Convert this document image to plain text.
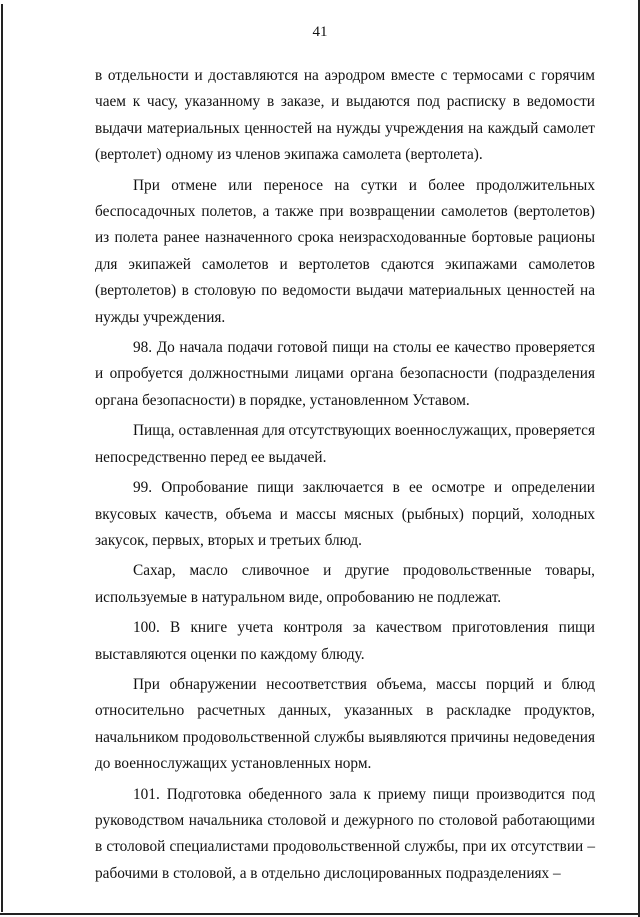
41

в отдельности и доставляются на аэродром вместе с термосами с горячим чаем к часу, указанному в заказе, и выдаются под расписку в ведомости выдачи материальных ценностей на нужды учреждения на каждый самолет (вертолет) одному из членов экипажа самолета (вертолета).

При отмене или переносе на сутки и более продолжительных беспосадочных полетов, а также при возвращении самолетов (вертолетов) из полета ранее назначенного срока неизрасходованные бортовые рационы для экипажей самолетов и вертолетов сдаются экипажами самолетов (вертолетов) в столовую по ведомости выдачи материальных ценностей на нужды учреждения.

98. До начала подачи готовой пищи на столы ее качество проверяется и опробуется должностными лицами органа безопасности (подразделения органа безопасности) в порядке, установленном Уставом.

Пища, оставленная для отсутствующих военнослужащих, проверяется непосредственно перед ее выдачей.

99. Опробование пищи заключается в ее осмотре и определении вкусовых качеств, объема и массы мясных (рыбных) порций, холодных закусок, первых, вторых и третьих блюд.

Сахар, масло сливочное и другие продовольственные товары, используемые в натуральном виде, опробованию не подлежат.

100. В книге учета контроля за качеством приготовления пищи выставляются оценки по каждому блюду.

При обнаружении несоответствия объема, массы порций и блюд относительно расчетных данных, указанных в раскладке продуктов, начальником продовольственной службы выявляются причины недоведения до военнослужащих установленных норм.

101. Подготовка обеденного зала к приему пищи производится под руководством начальника столовой и дежурного по столовой работающими в столовой специалистами продовольственной службы, при их отсутствии – рабочими в столовой, а в отдельно дислоцированных подразделениях –
